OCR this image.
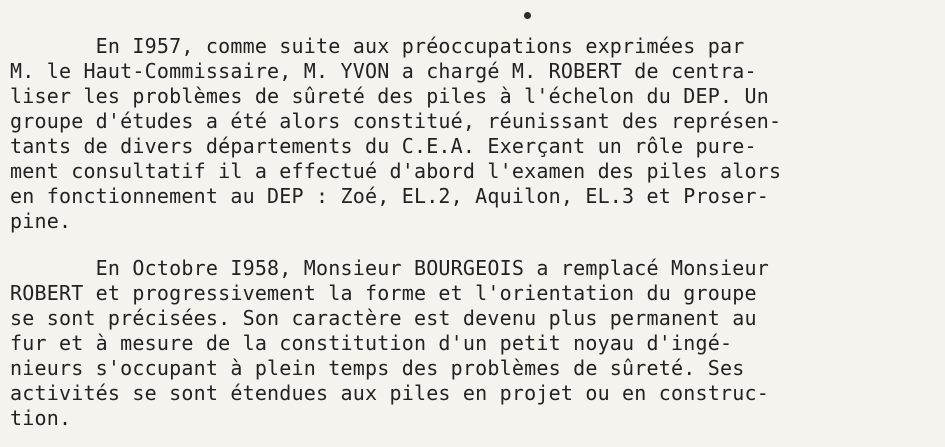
En I957, comme suite aux préoccupations exprimées par
M. le Haut-Commissaire, M. YVON a chargé M. ROBERT de centra-
liser les problèmes de sûreté des piles à l'échelon du DEP. Un
groupe d'études a été alors constitué, réunissant des représen-
tants de divers départements du C.E.A. Exerçant un rôle pure-
ment consultatif il a effectué d'abord l'examen des piles alors
en fonctionnement au DEP : Zoé, EL.2, Aquilon, EL.3 et Proser-
pine.
En Octobre I958, Monsieur BOURGEOIS a remplacé Monsieur
ROBERT et progressivement la forme et l'orientation du groupe
se sont précisées. Son caractère est devenu plus permanent au
fur et à mesure de la constitution d'un petit noyau d'ingé-
nieurs s'occupant à plein temps des problèmes de sûreté. Ses
activités se sont étendues aux piles en projet ou en construc-
tion.
